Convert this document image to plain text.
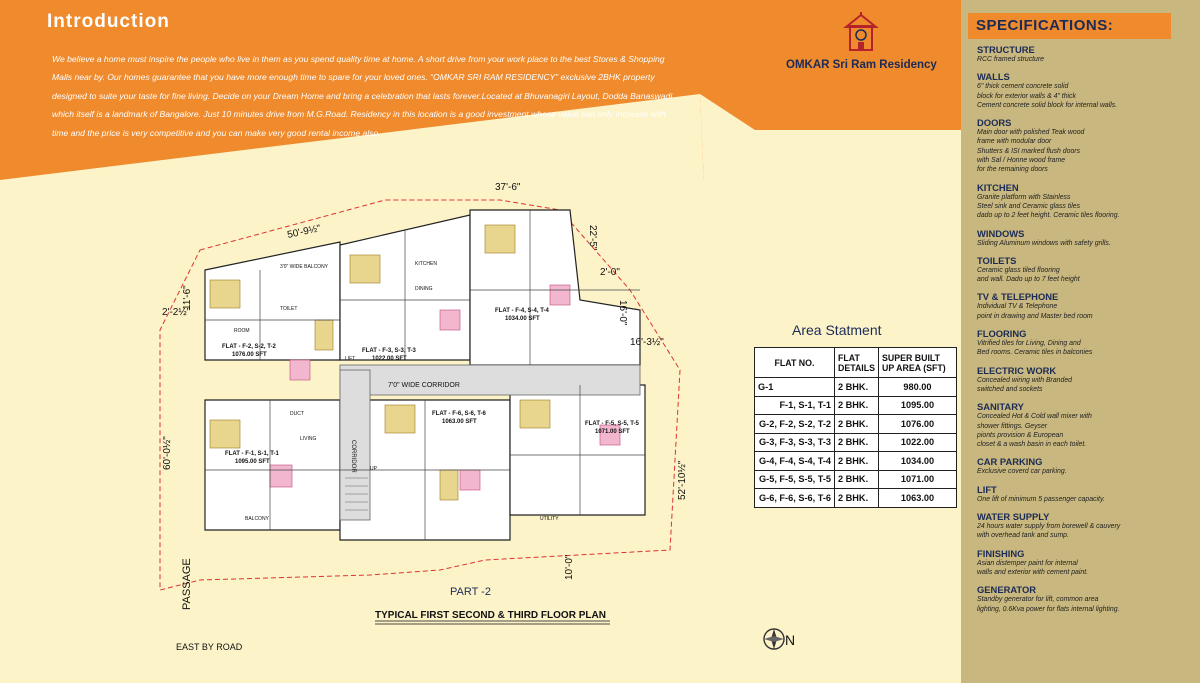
Introduction
We believe a home must inspire the people who live in them as you spend quality time at home. A short drive from your work place to the best Stores & Shopping
Malls near by. Our homes guarantee that you have more enough time to spare for your loved ones. “OMKAR SRI RAM RESIDENCY” exclusive 2BHK property
designed to suite your taste for fine living. Decide on your Dream Home and bring a celebration that lasts forever.Located at Bhuvanagiri Layout, Dodda Banaswadi
which itself is a landmark of Bangalore. Just 10 minutes drive from M.G.Road. Residency in this location is a good investment whose value can only increase with
time and the price is very competitive and you can make very good rental income also.
OMKAR Sri Ram Residency
37'-6"
50'-9½"	22'-5"
2'-0"
16'-0"
16'-3½"
2'-2½"
11'-6"
60'-0½"
52'-10½"
10'-0"
7'0" WIDE CORRIDOR
CORRIDOR
FLAT - F-2, S-2, T-2
1076.00 SFT
FLAT - F-3, S-3, T-3
1022.00 SFT
FLAT - F-4, S-4, T-4
1034.00 SFT
FLAT - F-1, S-1, T-1
1095.00 SFT
FLAT - F-6, S-6, T-6
1063.00 SFT	FLAT - F-5, S-5, T-5
1071.00 SFT
ROOM
TOILET
KITCHEN
DINING
LIVING
BALCONY	UTILITY
DUCT
LIFT
UP
3'0" WIDE BALCONY
PASSAGE	PART -2
TYPICAL FIRST SECOND & THIRD FLOOR PLAN
EAST BY ROAD
Area Statment
FLAT NO.	FLAT DETAILS	SUPER BUILT UP AREA (SFT)
G-1	2 BHK.	980.00
F-1, S-1, T-1	2 BHK.	1095.00
G-2, F-2, S-2, T-2	2 BHK.	1076.00
G-3, F-3, S-3, T-3	2 BHK.	1022.00
G-4, F-4, S-4, T-4	2 BHK.	1034.00
G-5, F-5, S-5, T-5	2 BHK.	1071.00
G-6, F-6, S-6, T-6	2 BHK.	1063.00
N
SPECIFICATIONS:
STRUCTURE
RCC framed structure
WALLS
6" thick cement concrete solid
block for exterior walls & 4" thick
Cement concrete solid block for internal walls.
DOORS
Main door with polished Teak wood
frame with modular door
Shutters & ISI marked flush doors
with Sal / Honne wood frame
for the remaining doors
KITCHEN
Granite platform with Stainless
Steel sink and Ceramic glass tiles
dado up to 2 feet height. Ceramic tiles flooring.
WINDOWS
Sliding Aluminum windows with safety grills.
TOILETS
Ceramic glass tiled flooring
and wall. Dado up to 7 feet height
TV & TELEPHONE
Individual TV & Telephone
point in drawing and Master bed room
FLOORING
Vitrified tiles for Living, Dining and
Bed rooms. Ceramic tiles in balconies
ELECTRIC WORK
Concealed wiring with Branded
switched and sockets
SANITARY
Concealed Hot & Cold wall mixer with
shower fittings. Geyser
pionts provision & European
closet & a wash basin in each toilet.
CAR PARKING
Exclusive coverd car parking.
LIFT
One lift of minimum 5 passenger capacity.
WATER SUPPLY
24 hours water supply from borewell & cauvery
with overhead tank and sump.
FINISHING
Asian distemper paint for internal
walls and exterior with cement paint.
GENERATOR
Standby generator for lift, common area
lighting, 0.6Kva power for flats internal lighting.
